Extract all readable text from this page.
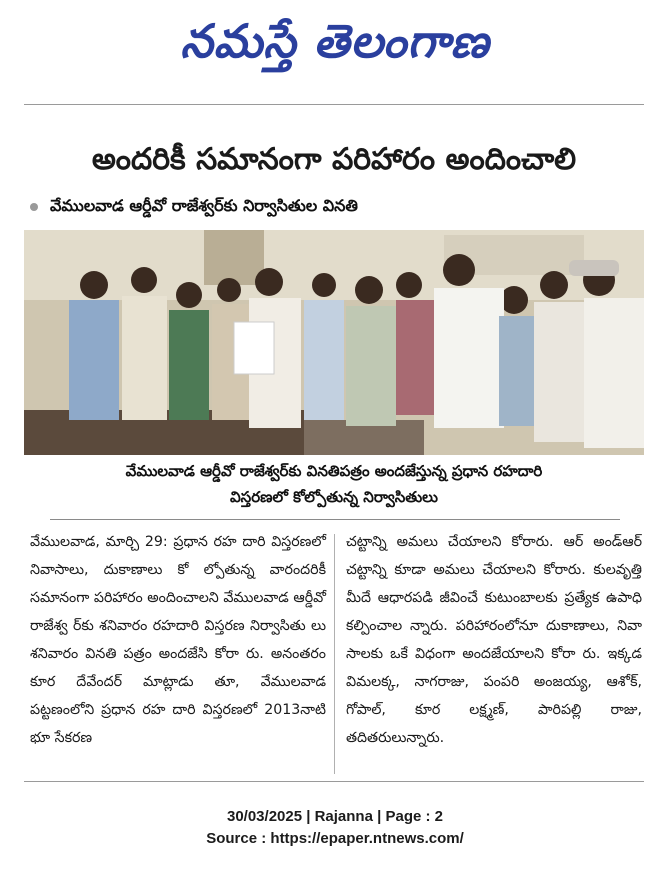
నమస్తే తెలంగాణ
అందరికీ సమానంగా పరిహారం అందించాలి
వేములవాడ ఆర్డీవో రాజేశ్వర్‌కు నిర్వాసితుల వినతి
వేములవాడ ఆర్డీవో రాజేశ్వర్‌కు వినతిపత్రం అందజేస్తున్న ప్రధాన రహదారి
విస్తరణలో కోల్పోతున్న నిర్వాసితులు
వేములవాడ, మార్చి 29: ప్రధాన రహ దారి విస్తరణలో నివాసాలు, దుకాణాలు కో ల్పోతున్న వారందరికీ సమానంగా పరిహారం అందించాలని వేములవాడ ఆర్డీవో రాజేశ్వ ర్‌కు శనివారం రహదారి విస్తరణ నిర్వాసితు లు శనివారం వినతి పత్రం అందజేసి కోరా రు. అనంతరం కూర దేవేందర్ మాట్లాడు తూ, వేములవాడ పట్టణంలోని ప్రధాన రహ దారి విస్తరణలో 2013నాటి భూ సేకరణ
చట్టాన్ని అమలు చేయాలని కోరారు. ఆర్ అండ్‌ఆర్ చట్టాన్ని కూడా అమలు చేయాలని కోరారు. కులవృత్తి మీదే ఆధారపడి జీవించే కుటుంబాలకు ప్రత్యేక ఉపాధి కల్పించాల న్నారు. పరిహారంలోనూ దుకాణాలు, నివా సాలకు ఒకే విధంగా అందజేయాలని కోరా రు. ఇక్కడ విమలక్క, నాగరాజు, పంపరి అంజయ్య, ఆశోక్, గోపాల్, కూర లక్ష్మణ్, పారిపల్లి రాజు, తదితరులున్నారు.
30/03/2025 | Rajanna | Page : 2
Source : https://epaper.ntnews.com/
